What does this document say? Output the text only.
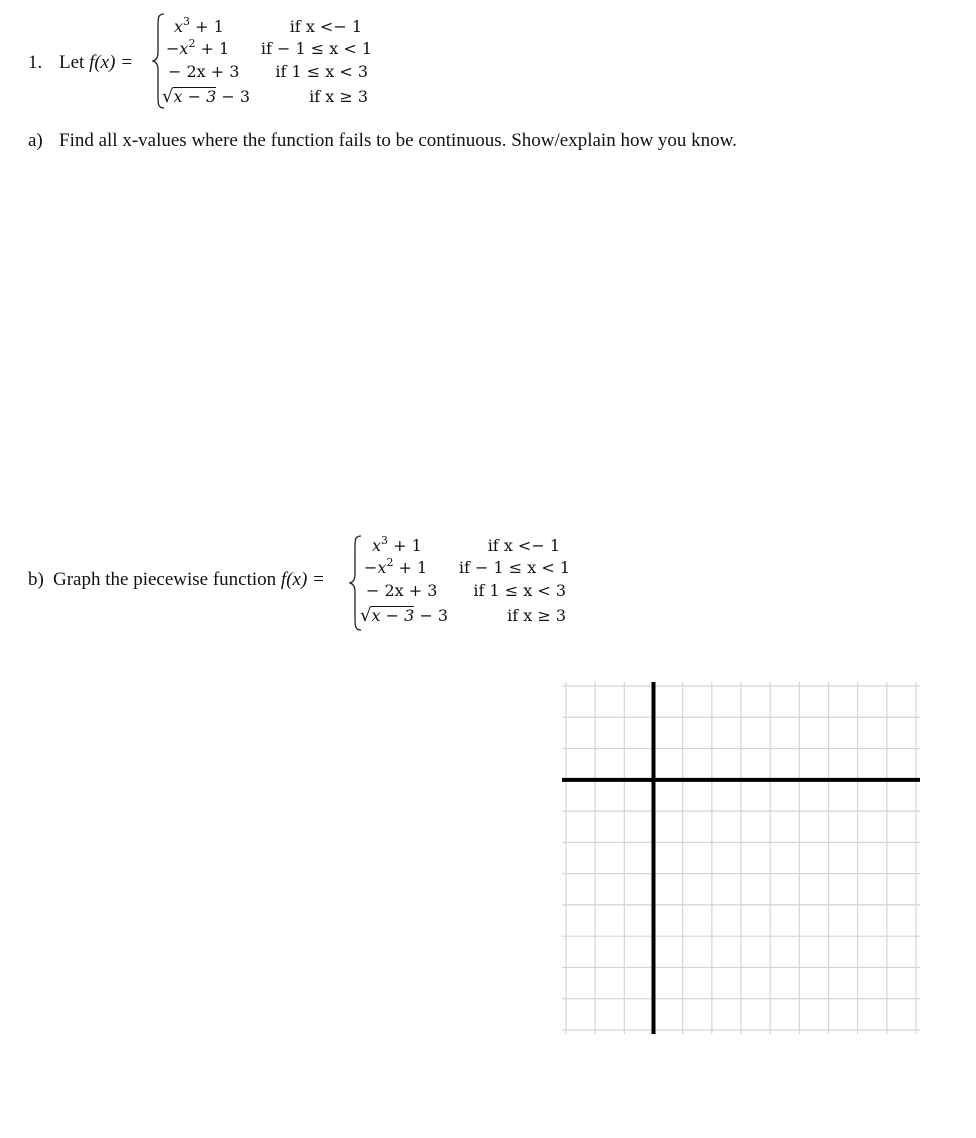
1. Let f(x) =
$x^3 + 1$	if x <− 1
$-x^2 + 1$ if − 1 ≤ x < 1
− 2x + 3 if 1 ≤ x < 3
√x − 3 − 3	if x ≥ 3
a) Find all x-values where the function fails to be continuous. Show/explain how you know.
b) Graph the piecewise function f(x) =
$x^3 + 1$	if x <− 1
$-x^2 + 1$ if − 1 ≤ x < 1
− 2x + 3 if 1 ≤ x < 3
√x − 3 − 3	if x ≥ 3
